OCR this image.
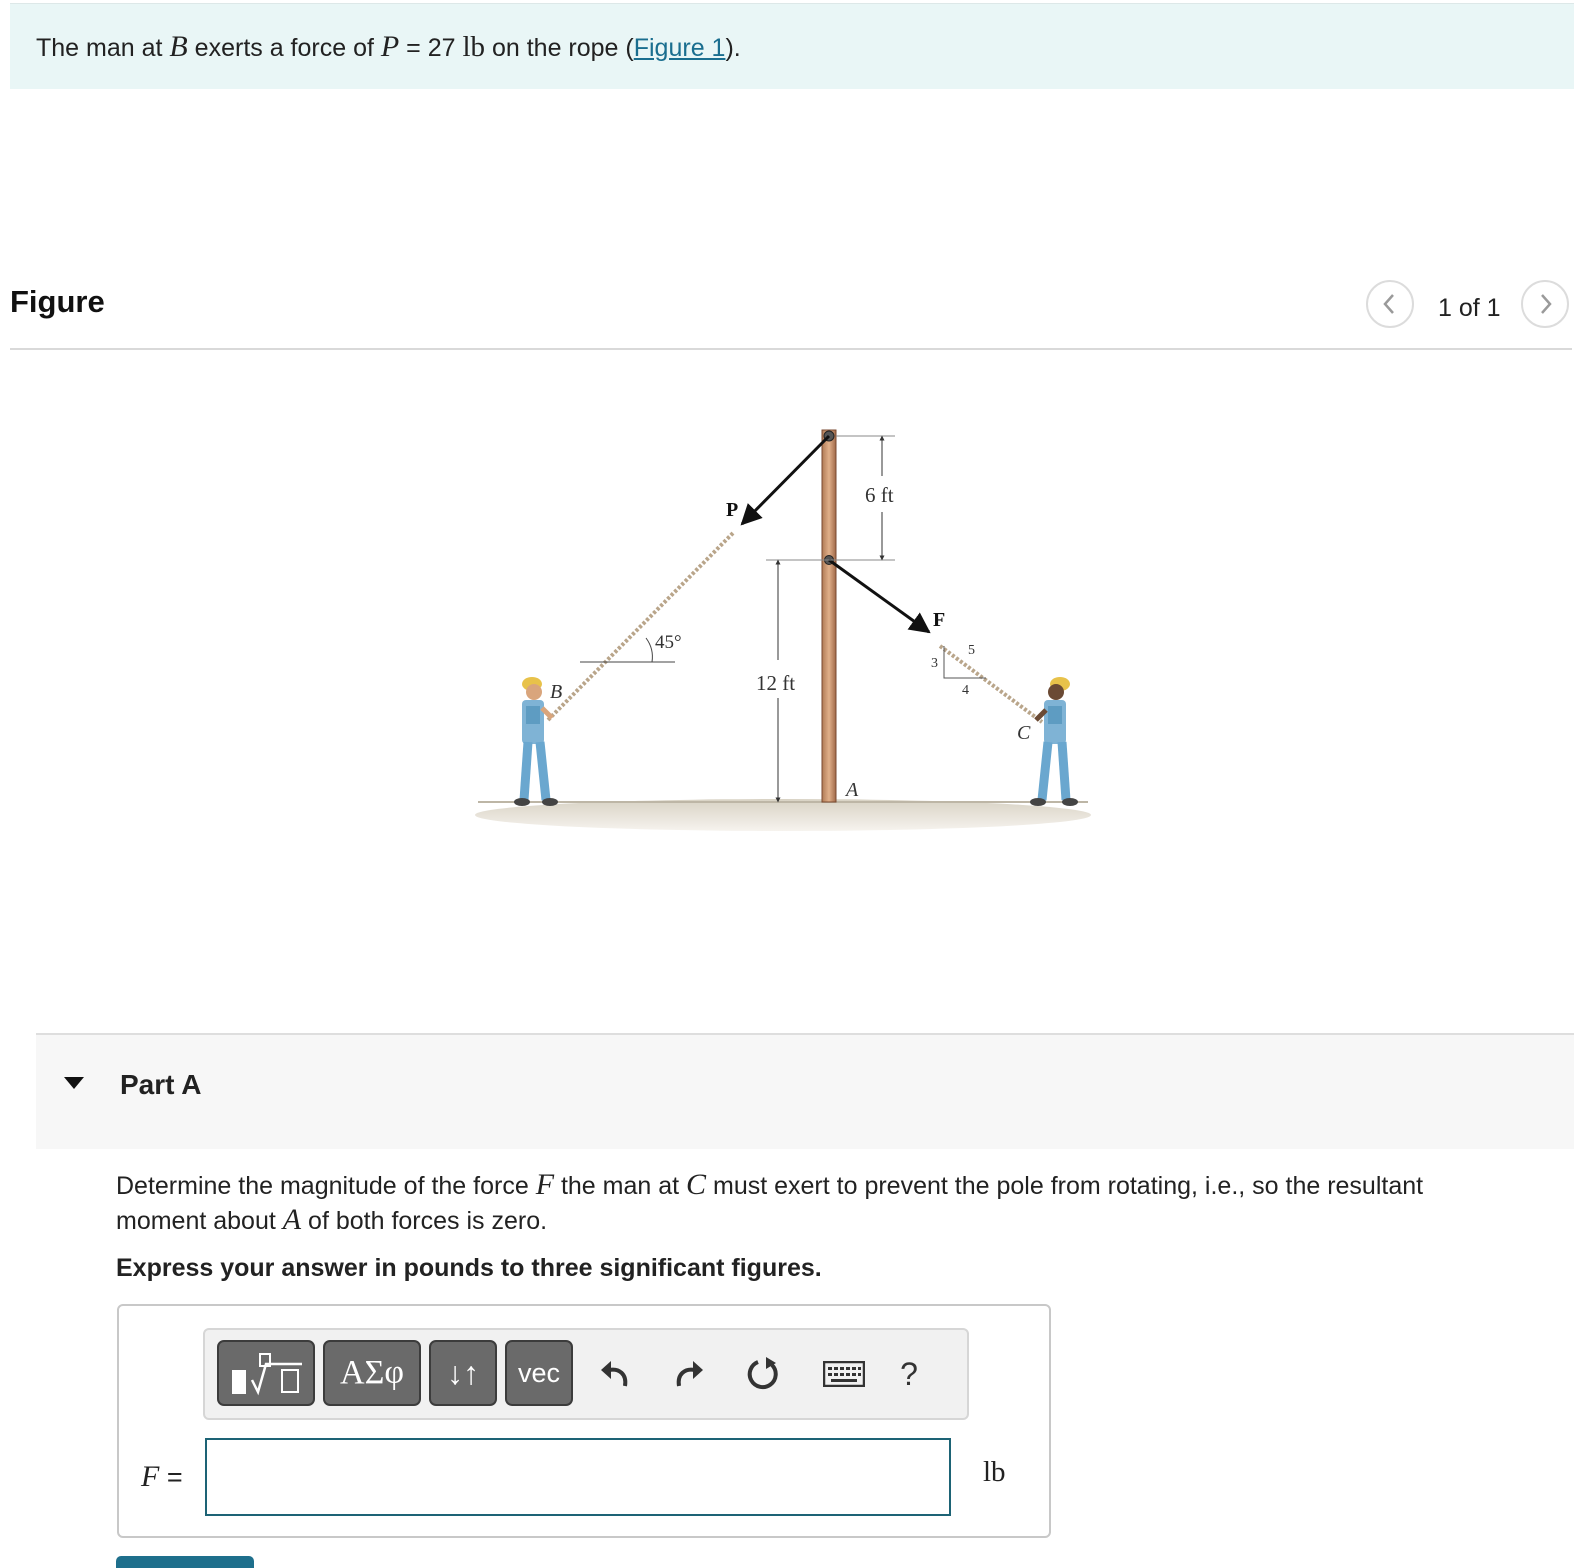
The man at B exerts a force of P = 27 lb on the rope (Figure 1).
Figure	1 of 1
45°
3
4
5
6 ft
12 ft
P
F
B
C
A
Part A
Determine the magnitude of the force F the man at C must exert to prevent the pole from rotating, i.e., so the resultant moment about A of both forces is zero.
Express your answer in pounds to three significant figures.
ΑΣφ	↓↑	vec	?
F =	lb
